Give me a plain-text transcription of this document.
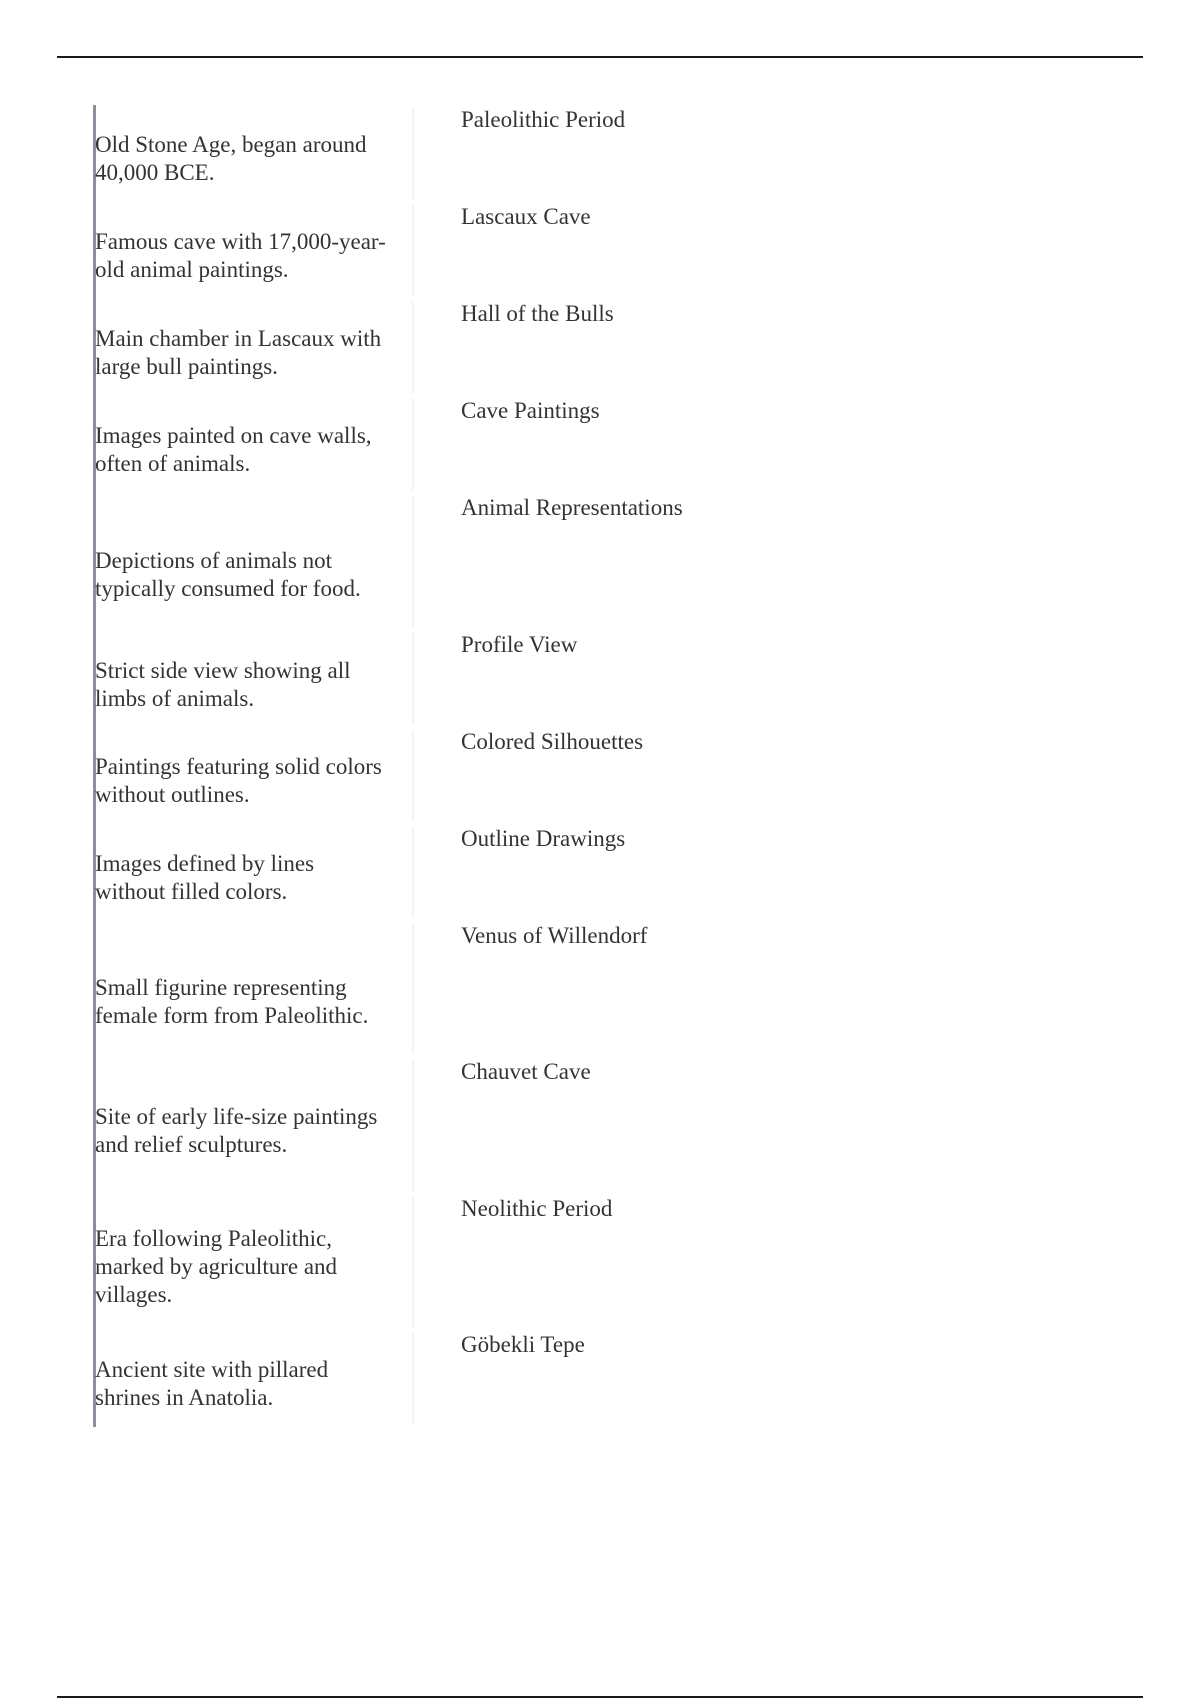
Old Stone Age, began around 40,000 BCE.
Paleolithic Period
Famous cave with 17,000-year-old animal paintings.
Lascaux Cave
Main chamber in Lascaux with large bull paintings.
Hall of the Bulls
Images painted on cave walls, often of animals.
Cave Paintings
Depictions of animals not typically consumed for food.
Animal Representations
Strict side view showing all limbs of animals.
Profile View
Paintings featuring solid colors without outlines.
Colored Silhouettes
Images defined by lines without filled colors.
Outline Drawings
Small figurine representing female form from Paleolithic.
Venus of Willendorf
Site of early life-size paintings and relief sculptures.
Chauvet Cave
Era following Paleolithic, marked by agriculture and villages.
Neolithic Period
Ancient site with pillared shrines in Anatolia.
Göbekli Tepe
